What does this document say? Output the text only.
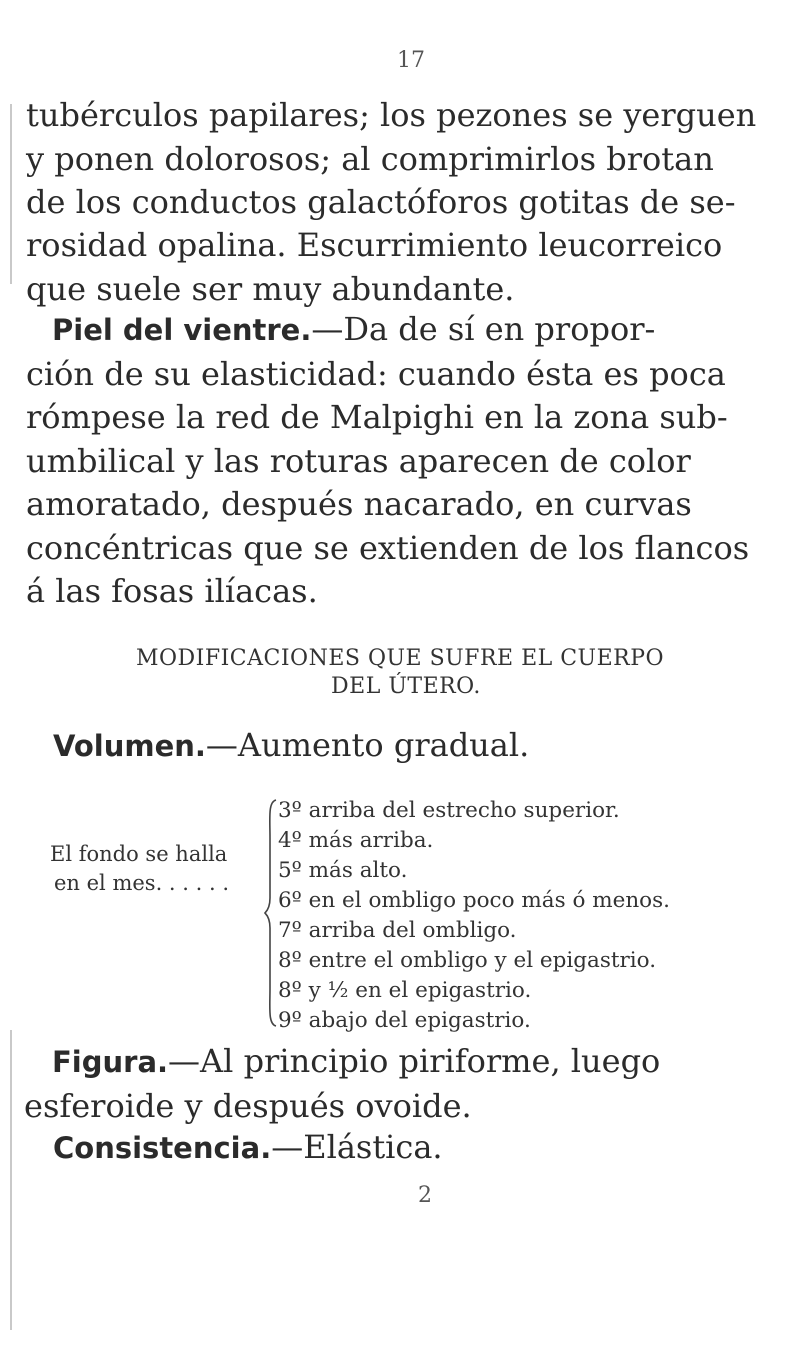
17

tubérculos papilares; los pezones se yerguen
y ponen dolorosos; al comprimirlos brotan
de los conductos galactóforos gotitas de se-

rosidad opalina. Escurrimiento leucorreico
que suele ser muy abundante.

Piel del vientre.—Da de sí en propor-
ción de su elasticidad: cuando ésta es poca
rómpese la red de Malpighi en la zona sub-
umbilical y las roturas aparecen de color
amoratado, después nacarado, en curvas
concéntricas que se extienden de los flancos
á las fosas ilíacas.

MODIFICACIONES QUE SUFRE EL CUERPO
DEL ÚTERO.

Volumen.—Aumento gradual.

El fondo se halla
en el mes. . . . . .

3º arriba del estrecho superior.
4º más arriba.
5º más alto.
6º en el ombligo poco más ó menos.
7º arriba del ombligo.
8º entre el ombligo y el epigastrio.
8º y ½ en el epigastrio.
9º abajo del epigastrio.

Figura.—Al principio piriforme, luego
esferoide y después ovoide.

Consistencia.—Elástica.

2
